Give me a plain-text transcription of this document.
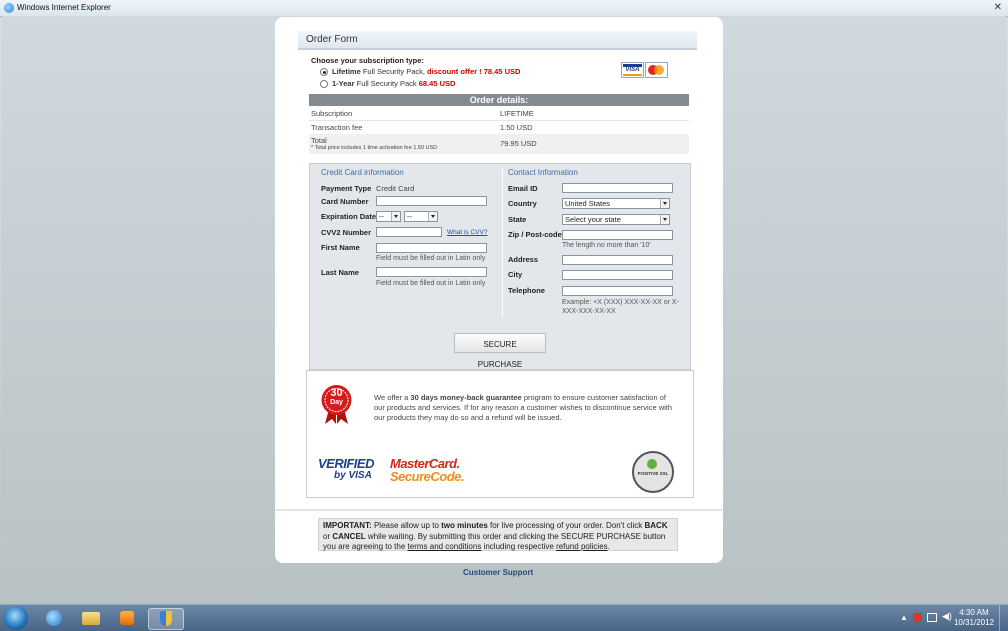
Windows Internet Explorer	✕
Order Form
Choose your subscription type:
Lifetime Full Security Pack, discount offer ! 78.45 USD
1-Year Full Security Pack 68.45 USD
VISA
Order details:
Subscription	LIFETIME
Transaction fee	1.50 USD
Total
* Total price includes 1 time activation fee 1.50 USD	79.95 USD
Credit Card information
Payment Type Credit Card
Card Number
Expiration Date --	--
CVV2 Number	What is CVV?
First Name
Field must be filled out in Latin only
Last Name
Field must be filled out in Latin only
Contact Information
Email ID
Country	United States
State	Select your state
Zip / Post-code
The length no more than '10'
Address
City
Telephone
Example: +X (XXX) XXX-XX-XX or X-XXX-XXX-XX-XX
SECURE PURCHASE
30
Day
We offer a 30 days money-back guarantee program to ensure customer satisfaction of our products and services. If for any reason a customer wishes to discontinue service with our products they may do so and a refund will be issued.
VERIFIED
by VISA
MasterCard.
SecureCode.	POSITIVE SSL
IMPORTANT: Please allow up to two minutes for live processing of your order. Don't click BACK or CANCEL while waiting. By submitting this order and clicking the SECURE PURCHASE button you are agreeing to the terms and conditions including respective refund policies.
Customer Support
▲	◀) 4:30 AM
10/31/2012
